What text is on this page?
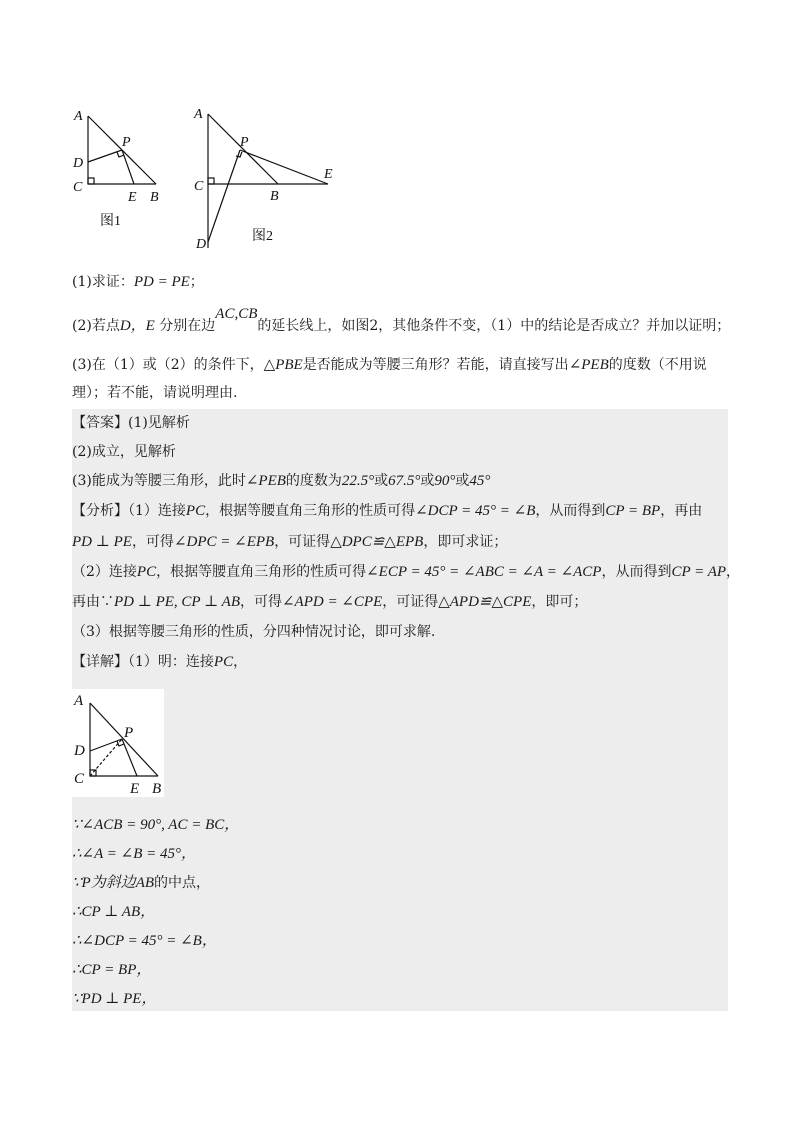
A
P
D
C
E B
图1
A
P
C
B
E
D
图2
(1)求证：PD = PE；
(2)若点D，E 分别在边AC,CB的延长线上，如图2，其他条件不变，（1）中的结论是否成立？并加以证明；
(3)在（1）或（2）的条件下，△PBE是否能成为等腰三角形？若能，请直接写出∠PEB的度数（不用说
理）；若不能，请说明理由.
【答案】(1)见解析
(2)成立，见解析
(3)能成为等腰三角形，此时∠PEB的度数为22.5°或67.5°或90°或45°
【分析】（1）连接PC，根据等腰直角三角形的性质可得∠DCP = 45° = ∠B，从而得到CP = BP，再由
PD ⊥ PE，可得∠DPC = ∠EPB，可证得△DPC≌△EPB，即可求证；
（2）连接PC，根据等腰直角三角形的性质可得∠ECP = 45° = ∠ABC = ∠A = ∠ACP，从而得到CP = AP，
再由∵PD ⊥ PE, CP ⊥ AB，可得∠APD = ∠CPE，可证得△APD≌△CPE，即可；
（3）根据等腰三角形的性质，分四种情况讨论，即可求解.
【详解】（1）明：连接PC，
A
P
D
C
E B
∵∠ACB = 90°, AC = BC，
∴∠A = ∠B = 45°，
∵P为斜边AB的中点，
∴CP ⊥ AB，
∴∠DCP = 45° = ∠B，
∴CP = BP，
∵PD ⊥ PE，
